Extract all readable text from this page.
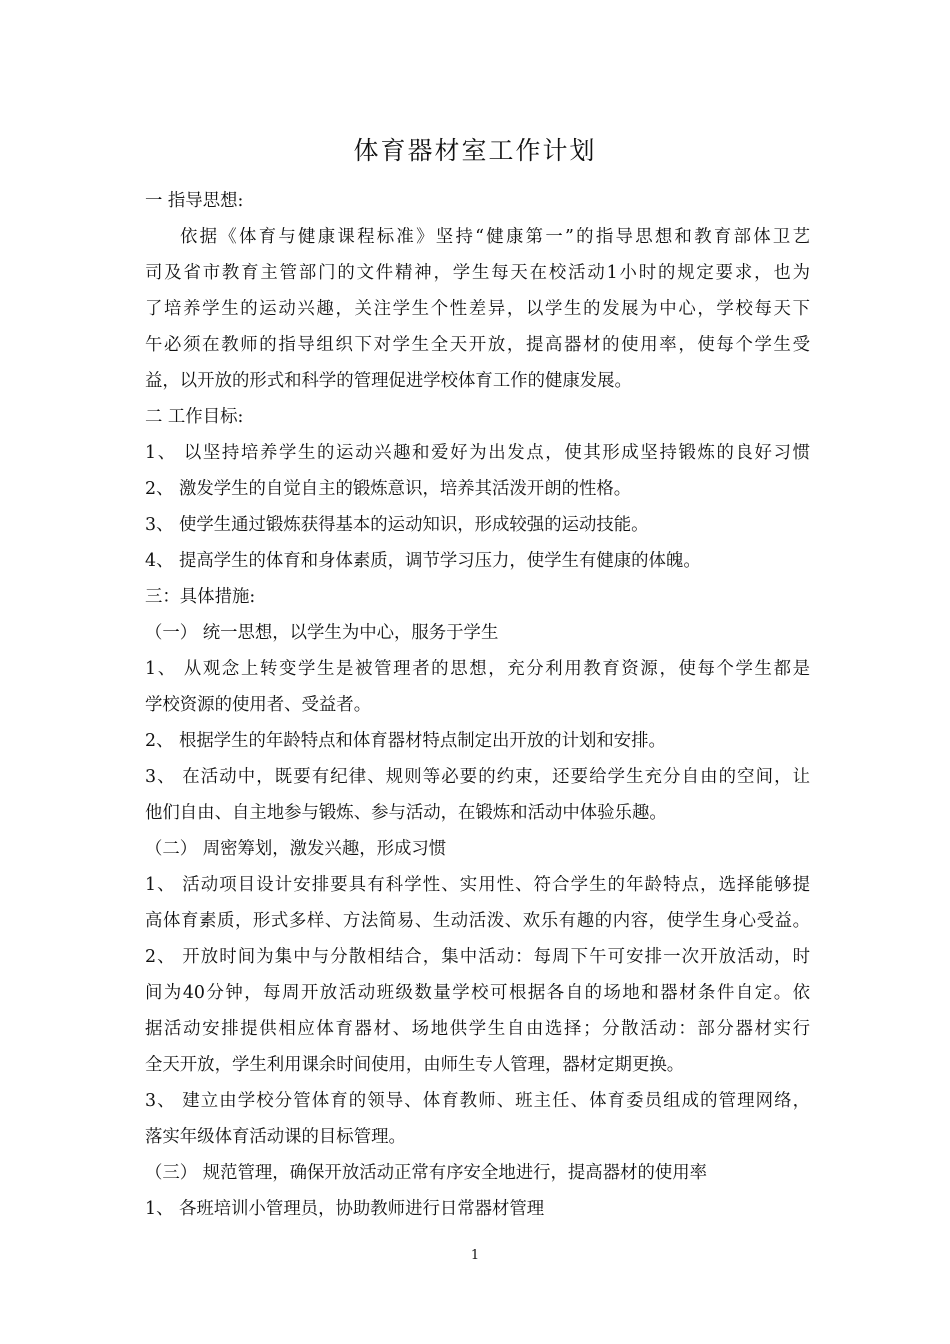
体育器材室工作计划

一 指导思想:

依据《体育与健康课程标准》坚持“健康第一”的指导思想和教育部体卫艺

司及省市教育主管部门的文件精神，学生每天在校活动1小时的规定要求，也为

了培养学生的运动兴趣，关注学生个性差异，以学生的发展为中心，学校每天下

午必须在教师的指导组织下对学生全天开放，提高器材的使用率，使每个学生受

益，以开放的形式和科学的管理促进学校体育工作的健康发展。

二 工作目标:

1、 以坚持培养学生的运动兴趣和爱好为出发点，使其形成坚持锻炼的良好习惯

2、 激发学生的自觉自主的锻炼意识，培养其活泼开朗的性格。

3、 使学生通过锻炼获得基本的运动知识，形成较强的运动技能。

4、 提高学生的体育和身体素质，调节学习压力，使学生有健康的体魄。

三：具体措施:

（一） 统一思想，以学生为中心，服务于学生

1、 从观念上转变学生是被管理者的思想，充分利用教育资源，使每个学生都是

学校资源的使用者、受益者。

2、 根据学生的年龄特点和体育器材特点制定出开放的计划和安排。

3、 在活动中，既要有纪律、规则等必要的约束，还要给学生充分自由的空间，让

他们自由、自主地参与锻炼、参与活动，在锻炼和活动中体验乐趣。

（二） 周密筹划，激发兴趣，形成习惯

1、 活动项目设计安排要具有科学性、实用性、符合学生的年龄特点，选择能够提

高体育素质，形式多样、方法简易、生动活泼、欢乐有趣的内容，使学生身心受益。

2、 开放时间为集中与分散相结合，集中活动：每周下午可安排一次开放活动，时

间为40分钟，每周开放活动班级数量学校可根据各自的场地和器材条件自定。依

据活动安排提供相应体育器材、场地供学生自由选择；分散活动：部分器材实行

全天开放，学生利用课余时间使用，由师生专人管理，器材定期更换。

3、 建立由学校分管体育的领导、体育教师、班主任、体育委员组成的管理网络，

落实年级体育活动课的目标管理。

（三） 规范管理，确保开放活动正常有序安全地进行，提高器材的使用率

1、 各班培训小管理员，协助教师进行日常器材管理

1
